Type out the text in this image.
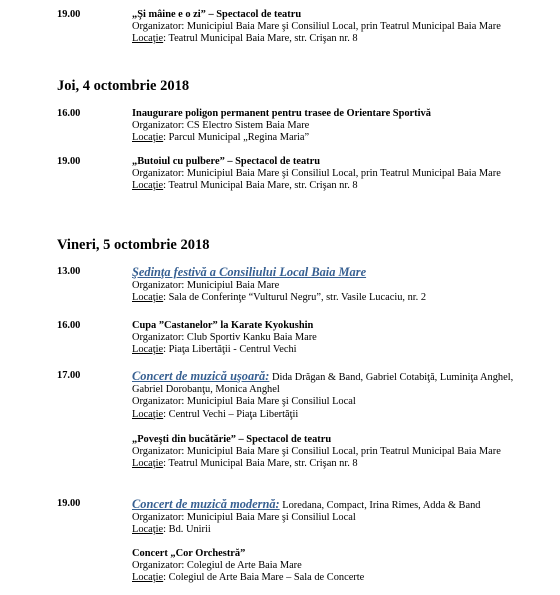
19.00	„Şi mâine e o zi” – Spectacol de teatru
Organizator: Municipiul Baia Mare şi Consiliul Local, prin Teatrul Municipal Baia Mare
Locaţie: Teatrul Municipal Baia Mare, str. Crişan nr. 8
Joi, 4 octombrie 2018
16.00	Inaugurare poligon permanent pentru trasee de Orientare Sportivă
Organizator: CS Electro Sistem Baia Mare
Locaţie: Parcul Municipal „Regina Maria”
19.00	„Butoiul cu pulbere” – Spectacol de teatru
Organizator: Municipiul Baia Mare şi Consiliul Local, prin Teatrul Municipal Baia Mare
Locaţie: Teatrul Municipal Baia Mare, str. Crişan nr. 8
Vineri, 5 octombrie 2018
13.00	Şedinţa festivă a Consiliului Local Baia Mare
Organizator: Municipiul Baia Mare
Locaţie: Sala de Conferinţe “Vulturul Negru”, str. Vasile Lucaciu, nr. 2
16.00	Cupa ”Castanelor” la Karate Kyokushin
Organizator: Club Sportiv Kanku Baia Mare
Locaţie: Piaţa Libertăţii - Centrul Vechi
17.00	Concert de muzică uşoară: Dida Drăgan & Band, Gabriel Cotabiţă, Luminiţa Anghel, Gabriel Dorobanţu, Monica Anghel
Organizator: Municipiul Baia Mare şi Consiliul Local
Locaţie: Centrul Vechi – Piaţa Libertăţii
„Poveşti din bucătărie” – Spectacol de teatru
Organizator: Municipiul Baia Mare şi Consiliul Local, prin Teatrul Municipal Baia Mare
Locaţie: Teatrul Municipal Baia Mare, str. Crişan nr. 8
19.00	Concert de muzică modernă: Loredana, Compact, Irina Rimes, Adda & Band
Organizator: Municipiul Baia Mare şi Consiliul Local
Locaţie: Bd. Unirii
Concert „Cor Orchestră”
Organizator: Colegiul de Arte Baia Mare
Locaţie: Colegiul de Arte Baia Mare – Sala de Concerte
